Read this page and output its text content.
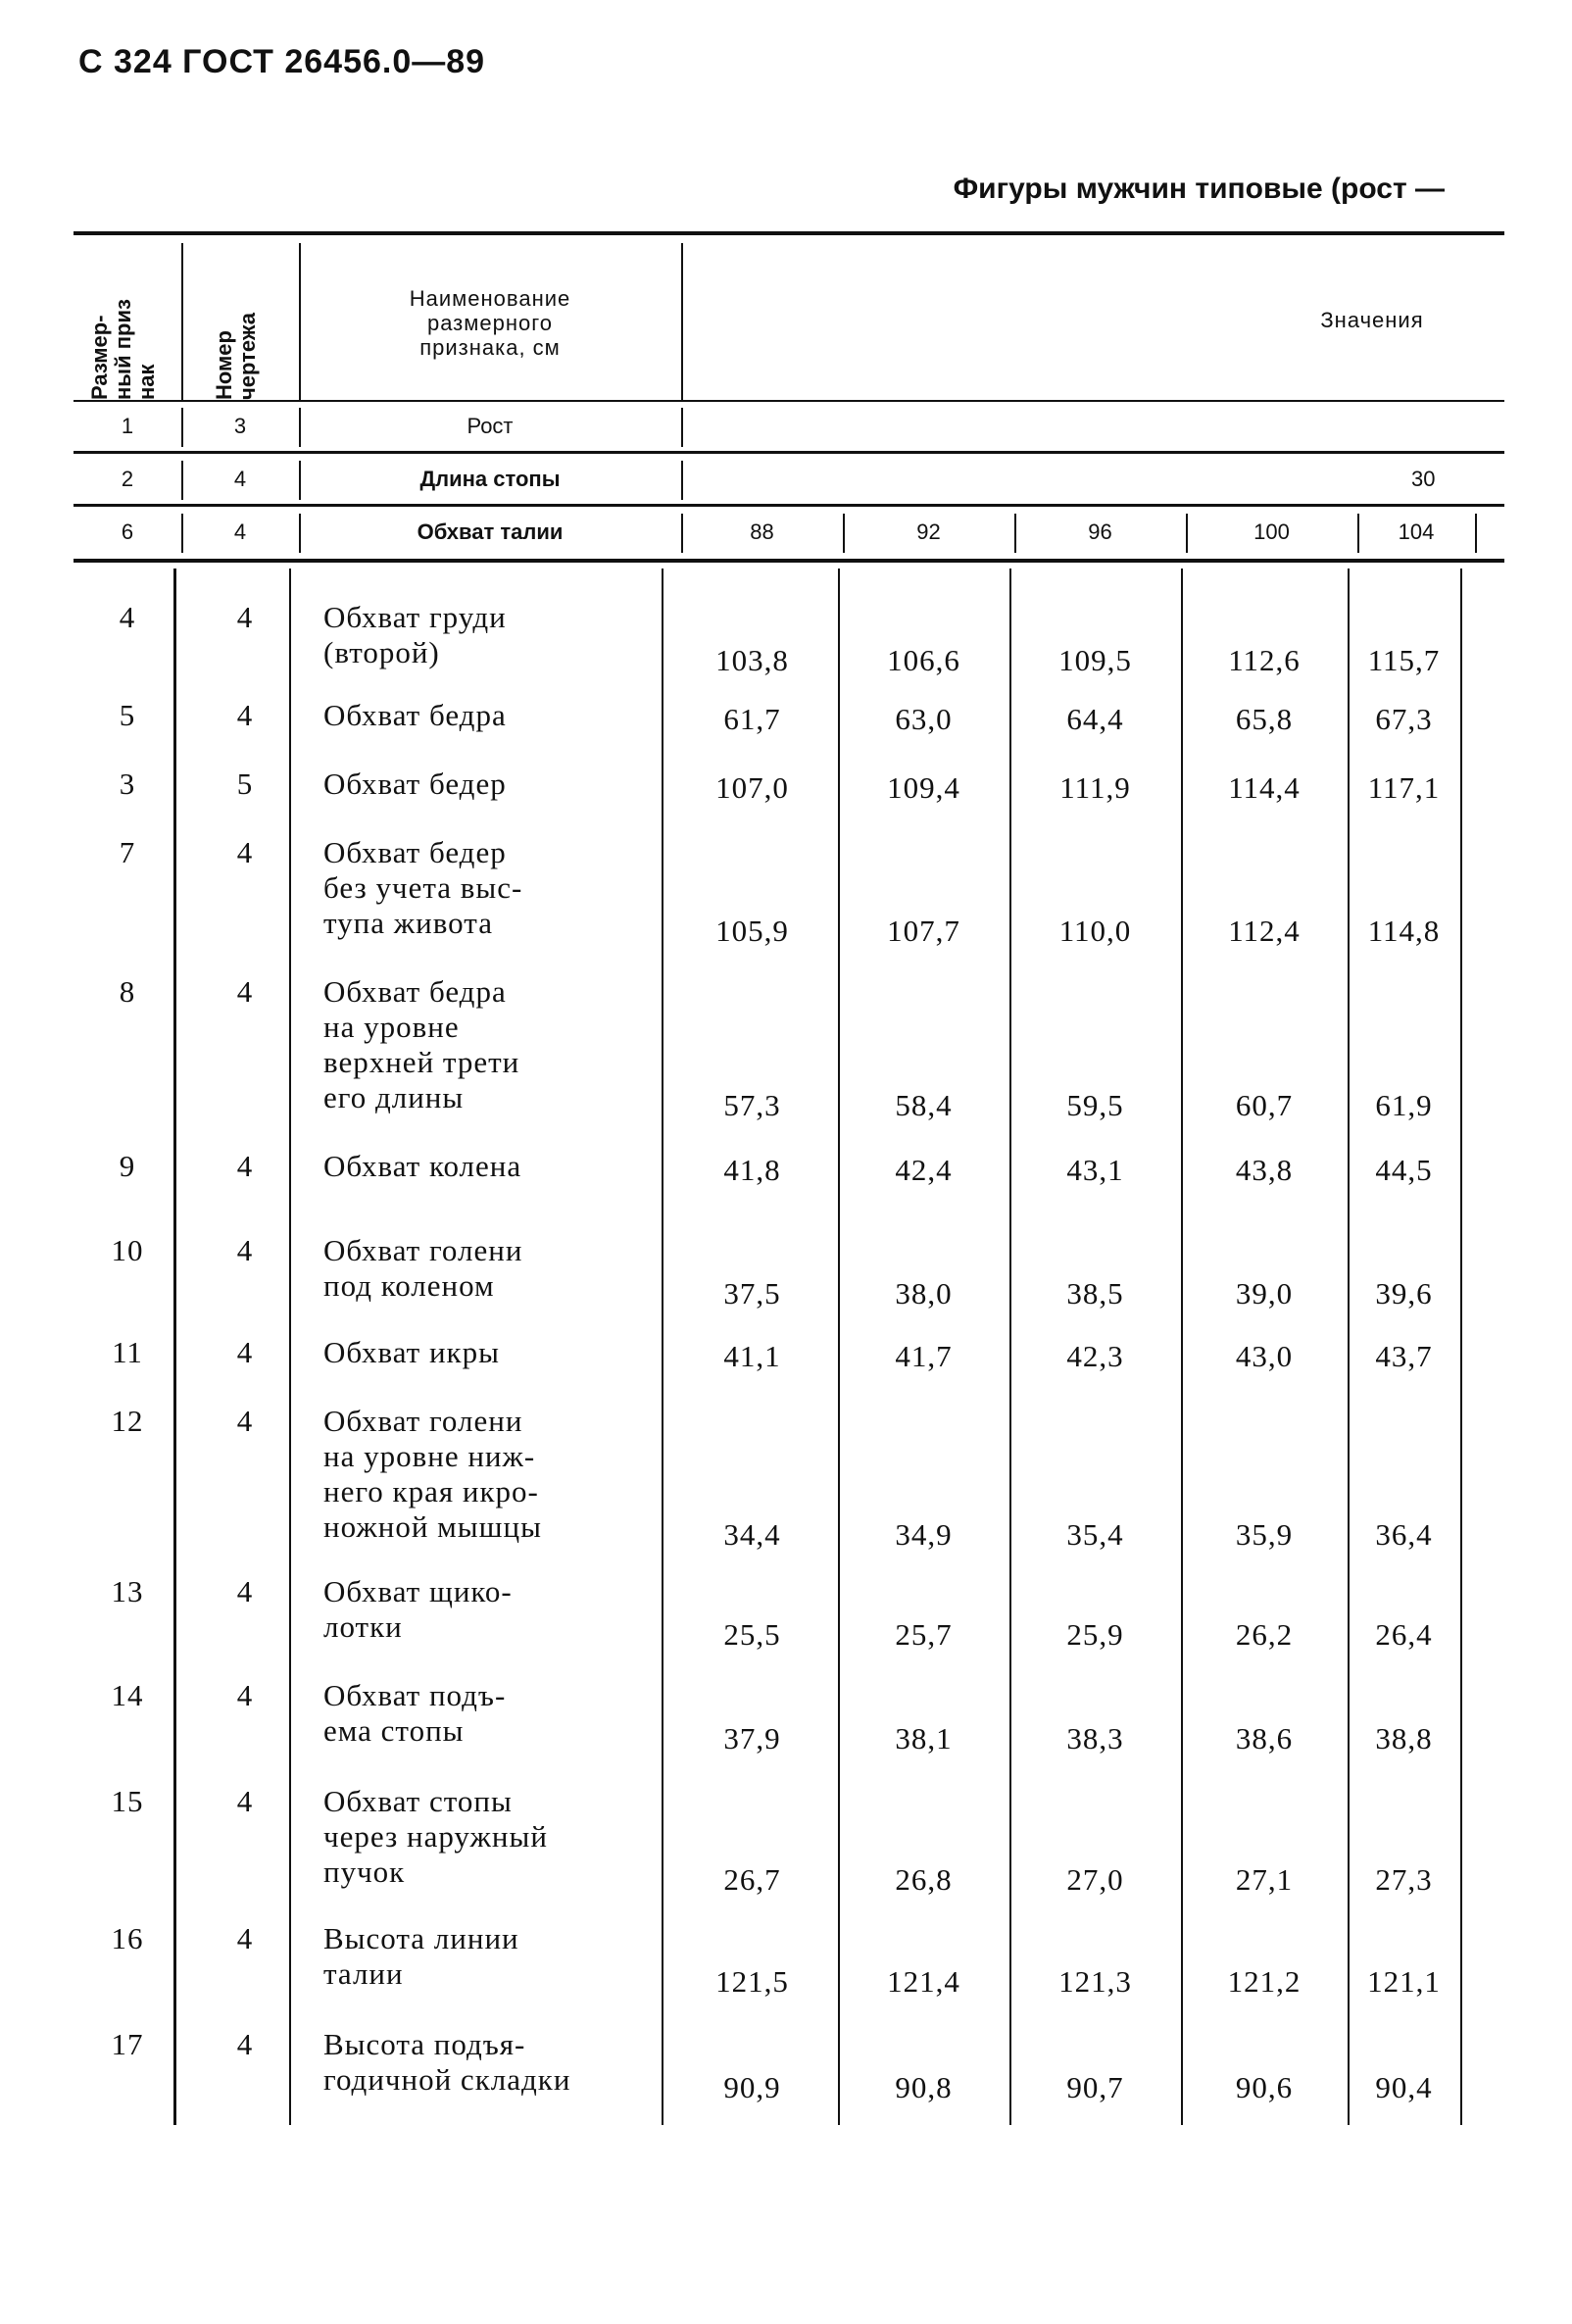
С 324 ГОСТ 26456.0—89
Фигуры мужчин типовые (рост —
Размер-
ный приз
нак	Номер
чертежа
Наименование
размерного
признака, см
Значения
1	3	Рост
2	4	Длина стопы	30
6	4	Обхват талии	88	92	96	100	104
4	4	Обхват груди
(второй)	103,8	106,6	109,5	112,6	115,7
5	4	Обхват бедра	61,7	63,0	64,4	65,8	67,3
3	5	Обхват бедер	107,0	109,4	111,9	114,4	117,1
7	4	Обхват бедер
без учета выс-
тупа живота	105,9	107,7	110,0	112,4	114,8
8	4	Обхват бедра
на уровне
верхней трети
его длины	57,3	58,4	59,5	60,7	61,9
9	4	Обхват колена	41,8	42,4	43,1	43,8	44,5
10	4	Обхват голени
под коленом	37,5	38,0	38,5	39,0	39,6
11	4	Обхват икры	41,1	41,7	42,3	43,0	43,7
12	4	Обхват голени
на уровне ниж-
него края икро-
ножной мышцы	34,4	34,9	35,4	35,9	36,4
13	4	Обхват щико-
лотки	25,5	25,7	25,9	26,2	26,4
14	4	Обхват подъ-
ема стопы	37,9	38,1	38,3	38,6	38,8
15	4	Обхват стопы
через наружный
пучок	26,7	26,8	27,0	27,1	27,3
16	4	Высота линии
талии	121,5	121,4	121,3	121,2	121,1
17	4	Высота подъя-
годичной складки	90,9	90,8	90,7	90,6	90,4
